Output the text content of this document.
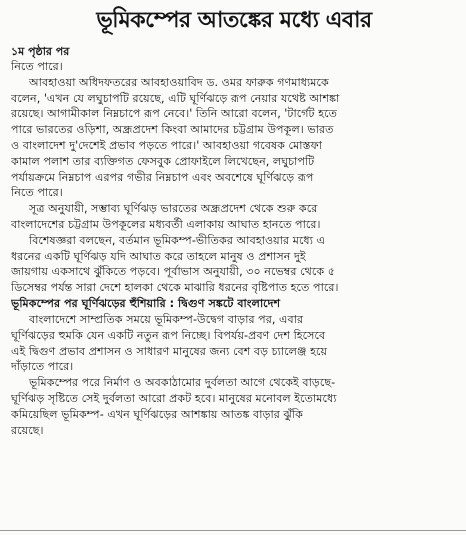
ভূমিকম্পের আতঙ্কের মধ্যে এবার
১ম পৃষ্ঠার পর
নিতে পারে।
আবহাওয়া অধিদফতরের আবহাওয়াবিদ ড. ওমর ফারুক গণমাধ্যমকে
বলেন, 'এখন যে লঘুচাপটি রয়েছে, এটি ঘূর্ণিঝড়ে রূপ নেয়ার যথেষ্ট আশঙ্কা
রয়েছে। আগামীকাল নিম্নচাপে রূপ নেবে।' তিনি আরো বলেন, 'টার্গেট হতে
পারে ভারতের ওড়িশা, অন্ধ্রপ্রদেশ কিংবা আমাদের চট্টগ্রাম উপকূল। ভারত
ও বাংলাদেশ দু'দেশেই প্রভাব পড়তে পারে।' আবহাওয়া গবেষক মোস্তফা
কামাল পলাশ তার ব্যক্তিগত ফেসবুক প্রোফাইলে লিখেছেন, লঘুচাপটি
পর্যায়ক্রমে নিম্নচাপ এরপর গভীর নিম্নচাপ এবং অবশেষে ঘূর্ণিঝড়ে রূপ
নিতে পারে।
সূত্র অনুযায়ী, সম্ভাব্য ঘূর্ণিঝড় ভারতের অন্ধ্রপ্রদেশ থেকে শুরু করে
বাংলাদেশের চট্টগ্রাম উপকূলের মধ্যবর্তী এলাকায় আঘাত হানতে পারে।
বিশেষজ্ঞরা বলছেন, বর্তমান ভূমিকম্প-ভীতিকর আবহাওয়ার মধ্যে এ
ধরনের একটি ঘূর্ণিঝড় যদি আঘাত করে তাহলে মানুষ ও প্রশাসন দুই
জায়গায় একসাথে ঝুঁকিতে পড়বে। পূর্বাভাস অনুযায়ী, ৩০ নভেম্বর থেকে ৫
ডিসেম্বর পর্যন্ত সারা দেশে হালকা থেকে মাঝারি ধরনের বৃষ্টিপাত হতে পারে।
ভূমিকম্পের পর ঘূর্ণিঝড়ের হুঁশিয়ারি : দ্বিগুণ সঙ্কটে বাংলাদেশ
বাংলাদেশে সাম্প্রতিক সময়ে ভূমিকম্প-উদ্বেগ বাড়ার পর, এবার
ঘূর্ণিঝড়ের হুমকি যেন একটি নতুন রূপ নিচ্ছে। বিপর্যয়-প্রবণ দেশ হিসেবে
এই দ্বিগুণ প্রভাব প্রশাসন ও সাধারণ মানুষের জন্য বেশ বড় চ্যালেঞ্জ হয়ে
দাঁড়াতে পারে।
ভূমিকম্পের পরে নির্মাণ ও অবকাঠামোর দুর্বলতা আগে থেকেই বাড়ছে-
ঘূর্ণিঝড় সৃষ্টিতে সেই দুর্বলতা আরো প্রকট হবে। মানুষের মনোবল ইতোমধ্যে
কমিয়েছিল ভূমিকম্প- এখন ঘূর্ণিঝড়ের আশঙ্কায় আতঙ্ক বাড়ার ঝুঁকি
রয়েছে।
